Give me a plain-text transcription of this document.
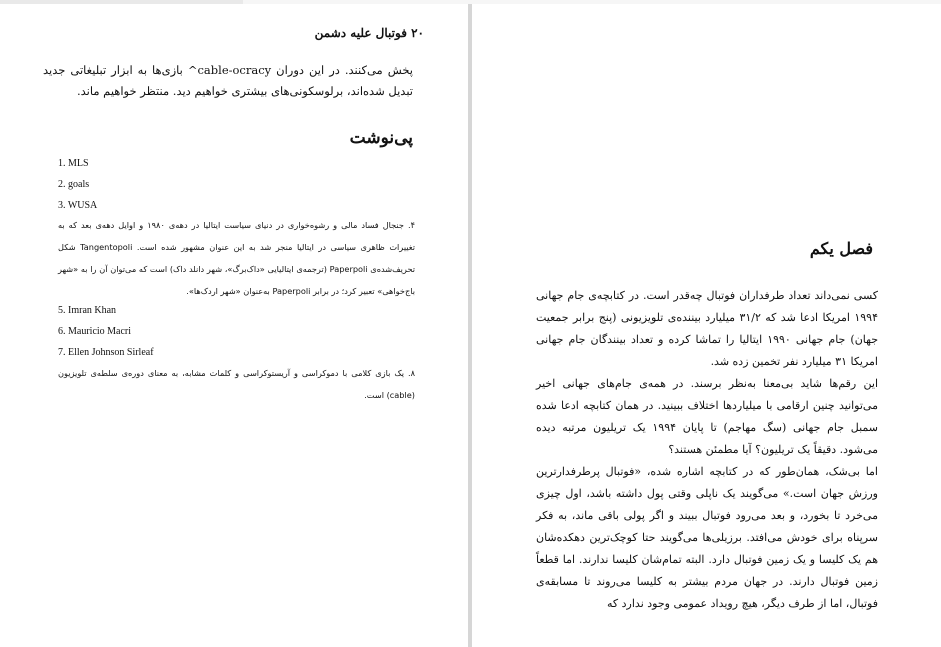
۲۰ فوتبال علیه دشمن
پخش می‌کنند. در این دوران cable-ocracy^ بازی‌ها به ابزار تبلیغاتی جدید تبدیل شده‌اند، برلوسکونی‌های بیشتری خواهیم دید. منتظر خواهیم ماند.
پی‌نوشت
1. MLS
2. goals
3. WUSA
۴. جنجال فساد مالی و رشوه‌خواری در دنیای سیاست ایتالیا در دهه‌ی ۱۹۸۰ و اوایل دهه‌ی بعد که به تغییرات ظاهری سیاسی در ایتالیا منجر شد به این عنوان مشهور شده است. Tangentopoli شکل تحریف‌شده‌ی Paperpoli (ترجمه‌ی ایتالیایی «داک‌برگ»، شهر دانلد داک) است که می‌توان آن را به «شهر باج‌خواهی» تعبیر کرد؛ در برابر Paperpoli به‌عنوان «شهر اردک‌ها».
5. Imran Khan
6. Mauricio Macri
7. Ellen Johnson Sirleaf
۸. یک بازی کلامی با دموکراسی و آریستوکراسی و کلمات مشابه، به معنای دوره‌ی سلطه‌ی تلویزیون (cable) است.
فصل یکم

کسی نمی‌داند تعداد طرفداران فوتبال چه‌قدر است. در کتابچه‌ی جام جهانی ۱۹۹۴ امریکا ادعا شد که ۳۱/۲ میلیارد بیننده‌ی تلویزیونی (پنج برابر جمعیت جهان) جام جهانی ۱۹۹۰ ایتالیا را تماشا کرده و تعداد بینندگان جام جهانی امریکا ۳۱ میلیارد نفر تخمین زده شد.

این رقم‌ها شاید بی‌معنا به‌نظر برسند. در همه‌ی جام‌های جهانی اخیر می‌توانید چنین ارقامی با میلیاردها اختلاف ببینید. در همان کتابچه ادعا شده سمبل جام جهانی (سگ مهاجم) تا پایان ۱۹۹۴ یک تریلیون مرتبه دیده می‌شود. دقیقاً یک تریلیون؟ آیا مطمئن هستند؟

اما بی‌شک، همان‌طور که در کتابچه اشاره شده، «فوتبال پرطرفدارترین ورزش جهان است.» می‌گویند یک ناپلی وقتی پول داشته باشد، اول چیزی می‌خرد تا بخورد، و بعد می‌رود فوتبال ببیند و اگر پولی باقی ماند، به فکر سرپناه برای خودش می‌افتد. برزیلی‌ها می‌گویند حتا کوچک‌ترین دهکده‌شان هم یک کلیسا و یک زمین فوتبال دارد. البته تمام‌شان کلیسا ندارند. اما قطعاً زمین فوتبال دارند. در جهان مردم بیشتر به کلیسا می‌روند تا مسابقه‌ی فوتبال، اما از طرف دیگر، هیچ رویداد عمومی وجود ندارد که
